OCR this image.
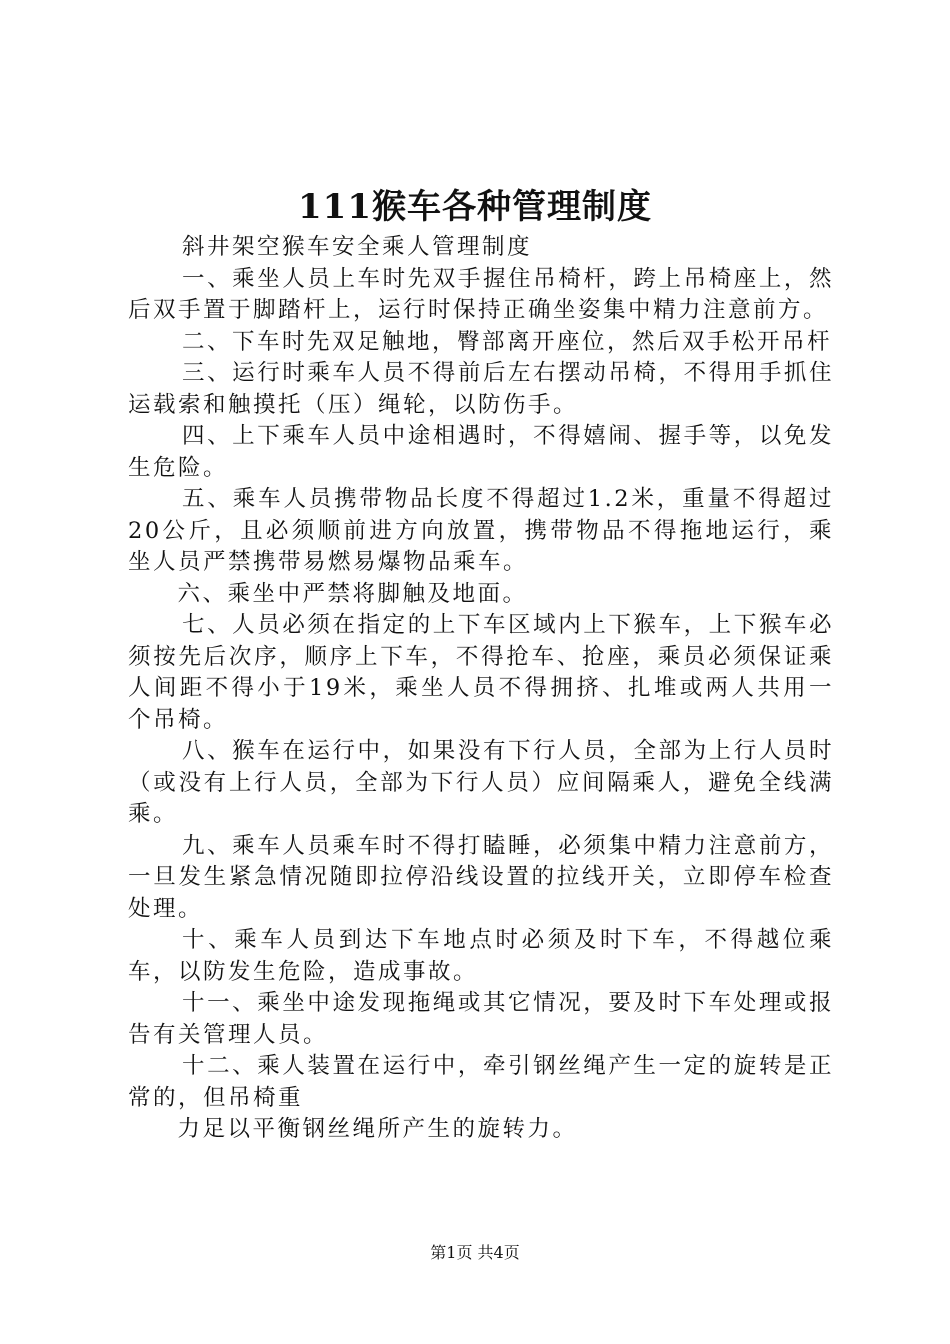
111猴车各种管理制度

斜井架空猴车安全乘人管理制度

一、乘坐人员上车时先双手握住吊椅杆，跨上吊椅座上，然后双手置于脚踏杆上，运行时保持正确坐姿集中精力注意前方。

二、下车时先双足触地，臀部离开座位，然后双手松开吊杆

三、运行时乘车人员不得前后左右摆动吊椅，不得用手抓住运载索和触摸托（压）绳轮，以防伤手。

四、上下乘车人员中途相遇时，不得嬉闹、握手等，以免发生危险。

五、乘车人员携带物品长度不得超过1.2米，重量不得超过20公斤，且必须顺前进方向放置，携带物品不得拖地运行，乘坐人员严禁携带易燃易爆物品乘车。

六、乘坐中严禁将脚触及地面。

七、人员必须在指定的上下车区域内上下猴车，上下猴车必须按先后次序，顺序上下车，不得抢车、抢座，乘员必须保证乘人间距不得小于19米，乘坐人员不得拥挤、扎堆或两人共用一个吊椅。

八、猴车在运行中，如果没有下行人员，全部为上行人员时（或没有上行人员，全部为下行人员）应间隔乘人，避免全线满乘。

九、乘车人员乘车时不得打瞌睡，必须集中精力注意前方，一旦发生紧急情况随即拉停沿线设置的拉线开关，立即停车检查处理。

十、乘车人员到达下车地点时必须及时下车，不得越位乘车，以防发生危险，造成事故。

十一、乘坐中途发现拖绳或其它情况，要及时下车处理或报告有关管理人员。

十二、乘人装置在运行中，牵引钢丝绳产生一定的旋转是正常的，但吊椅重

力足以平衡钢丝绳所产生的旋转力。

第1页 共4页
